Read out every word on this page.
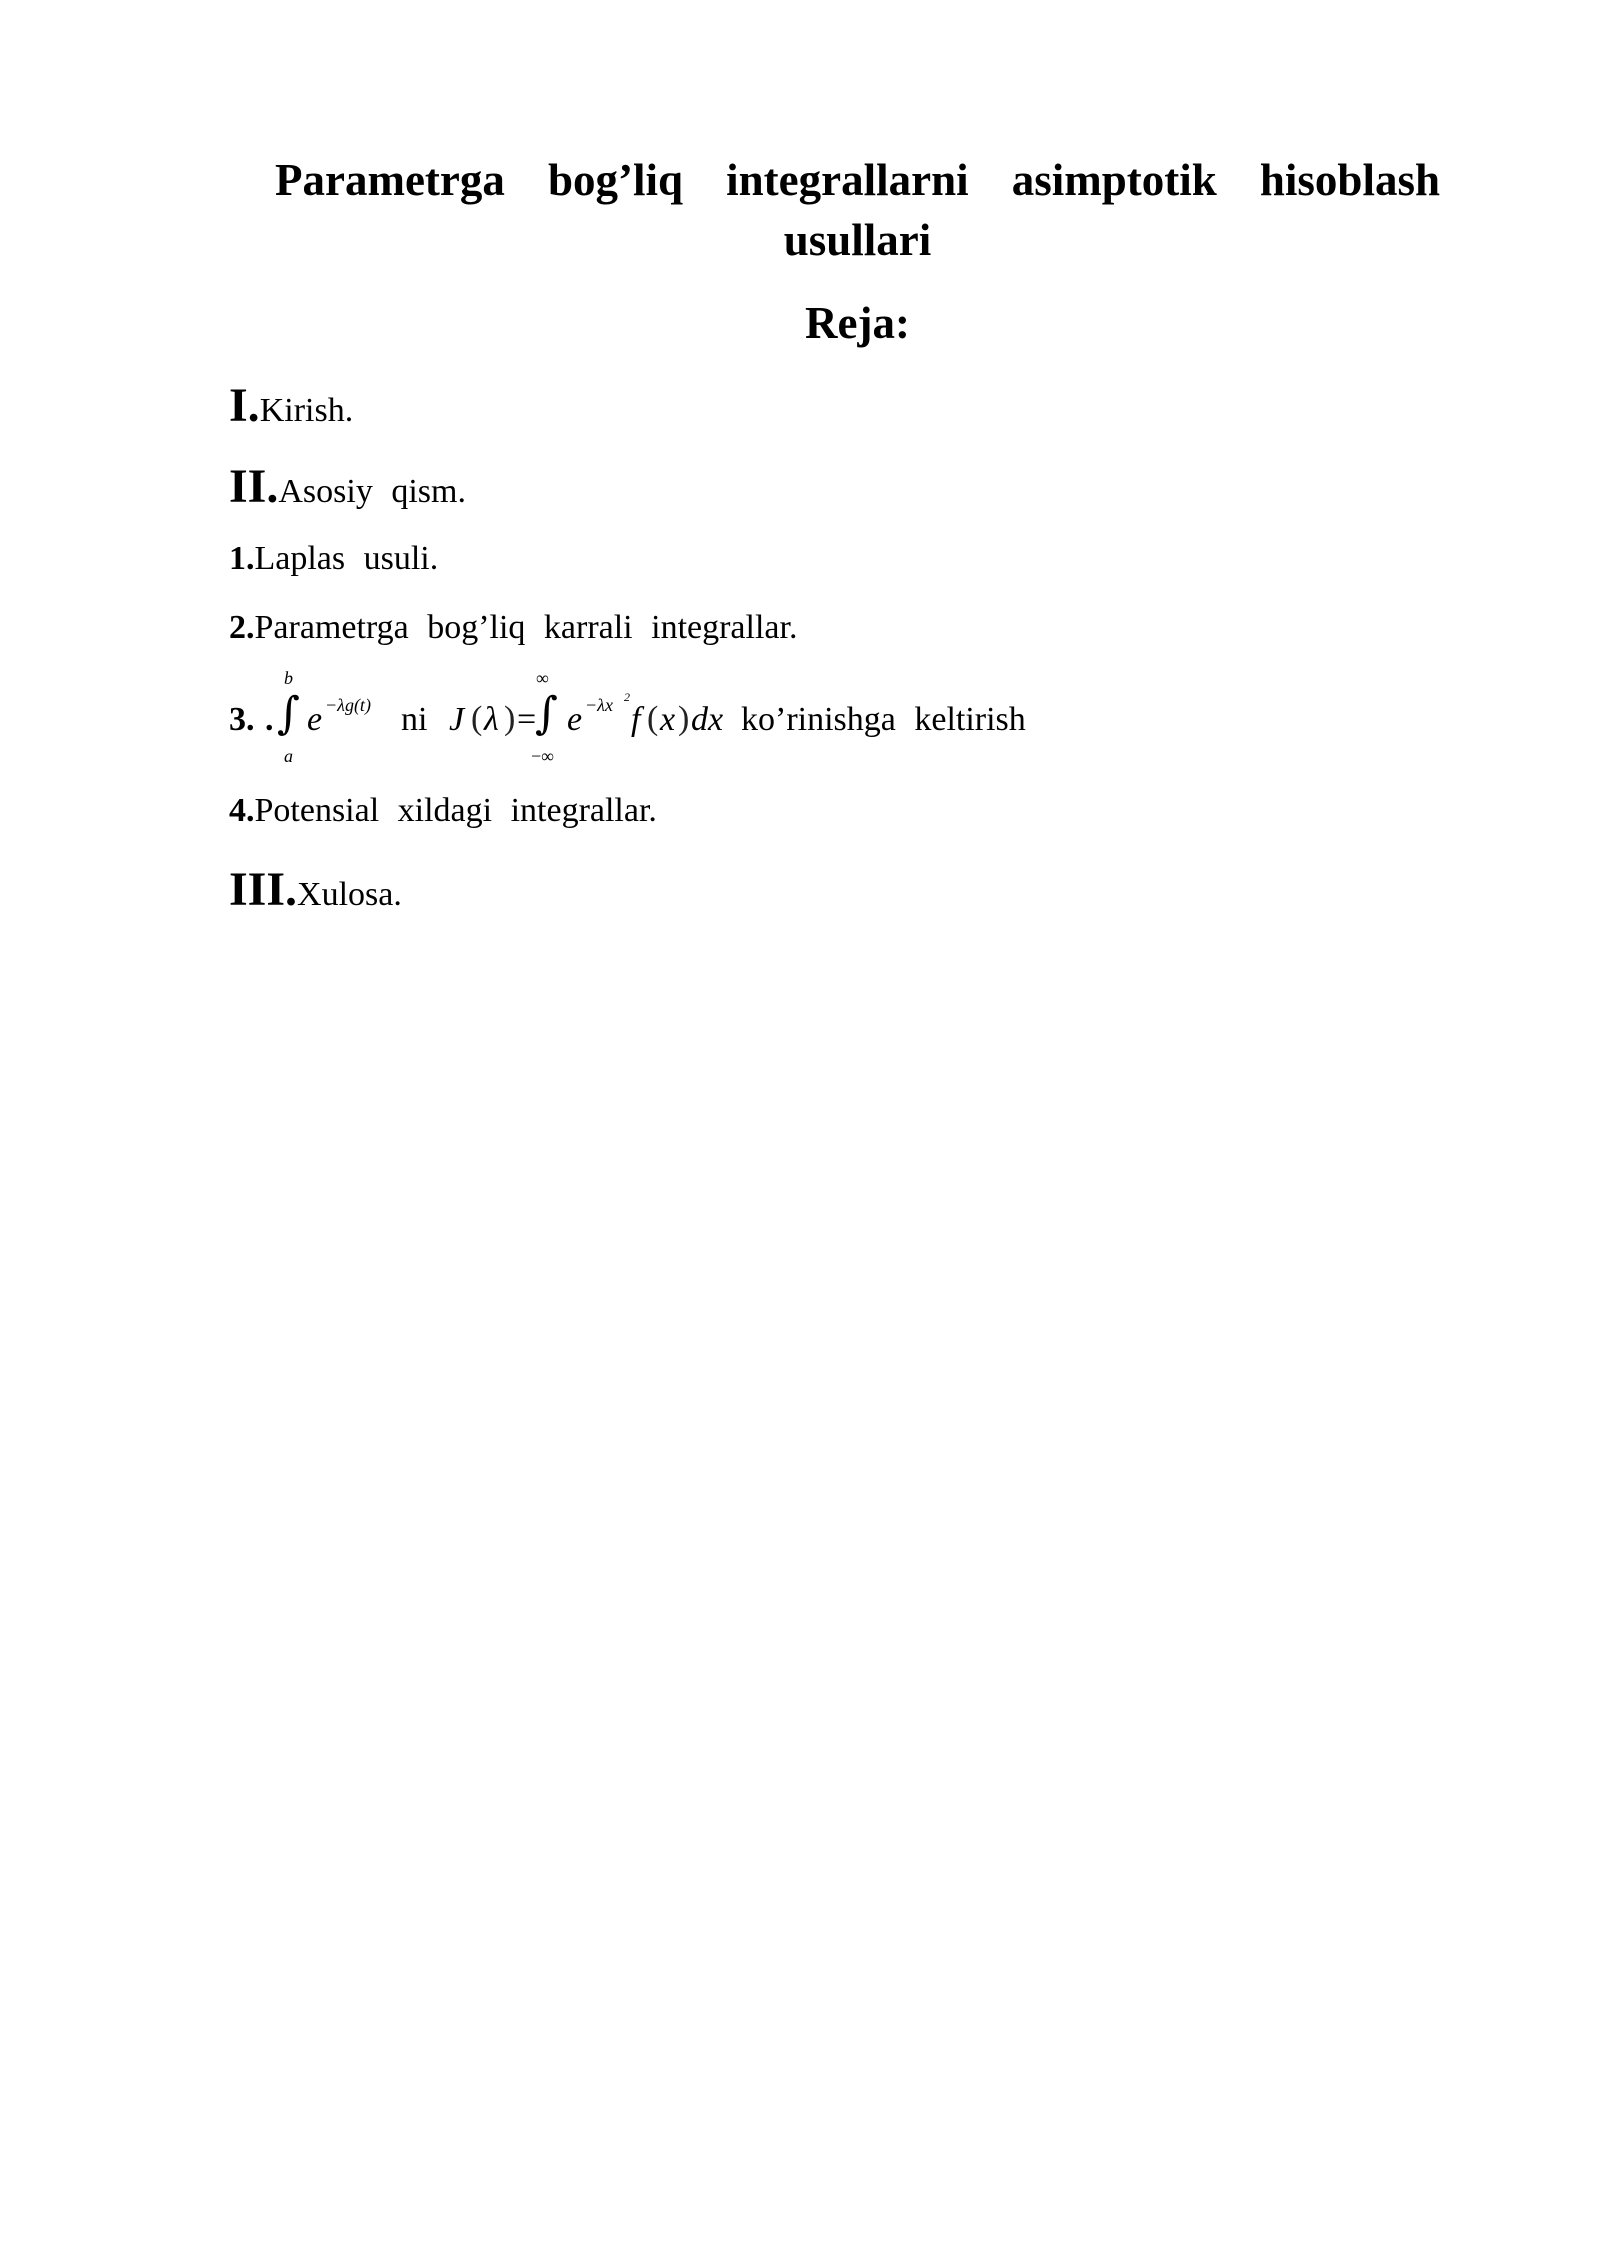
Parametrga bog’liq integrallarni asimptotik hisoblash usullari
Reja:
I.Kirish.
II.Asosiy qism.
1.Laplas usuli.
2.Parametrga bog’liq karrali integrallar.
3. .
b
∫
a
e −λg(t) ni J ( λ ) =
∞
∫
−∞
e −λx 2
f ( x ) dx ko’rinishga keltirish
4.Potensial xildagi integrallar.
III.Xulosa.
